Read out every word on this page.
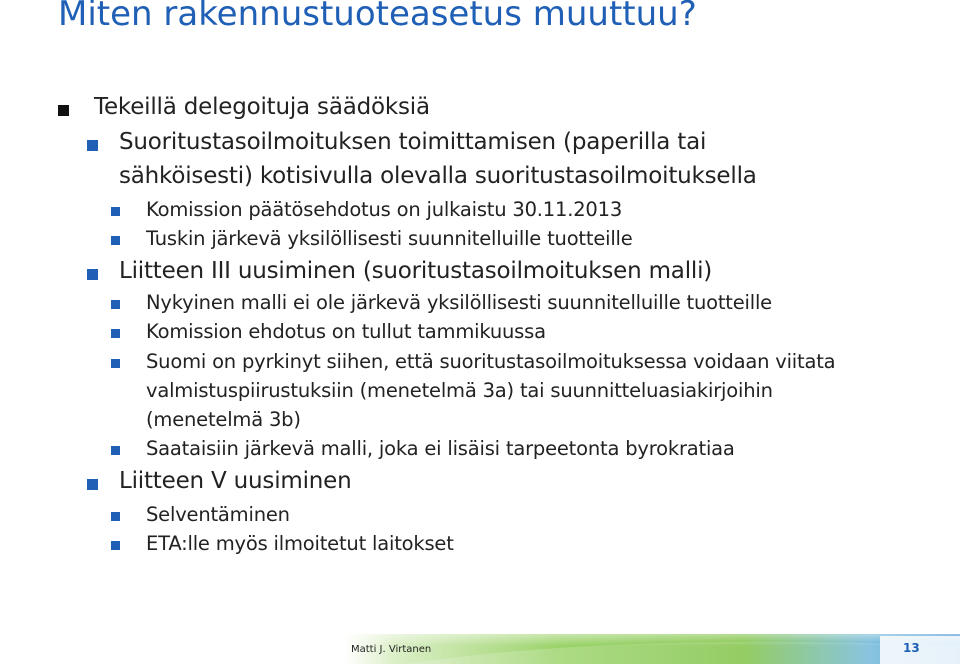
Miten rakennustuoteasetus muuttuu?
Tekeillä delegoituja säädöksiä
Suoritustasoilmoituksen toimittamisen (paperilla tai
sähköisesti) kotisivulla olevalla suoritustasoilmoituksella
Komission päätösehdotus on julkaistu 30.11.2013
Tuskin järkevä yksilöllisesti suunnitelluille tuotteille
Liitteen III uusiminen (suoritustasoilmoituksen malli)
Nykyinen malli ei ole järkevä yksilöllisesti suunnitelluille tuotteille
Komission ehdotus on tullut tammikuussa
Suomi on pyrkinyt siihen, että suoritustasoilmoituksessa voidaan viitata
valmistuspiirustuksiin (menetelmä 3a) tai suunnitteluasiakirjoihin
(menetelmä 3b)
Saataisiin järkevä malli, joka ei lisäisi tarpeetonta byrokratiaa
Liitteen V uusiminen
Selventäminen
ETA:lle myös ilmoitetut laitokset
Matti J. Virtanen	13
